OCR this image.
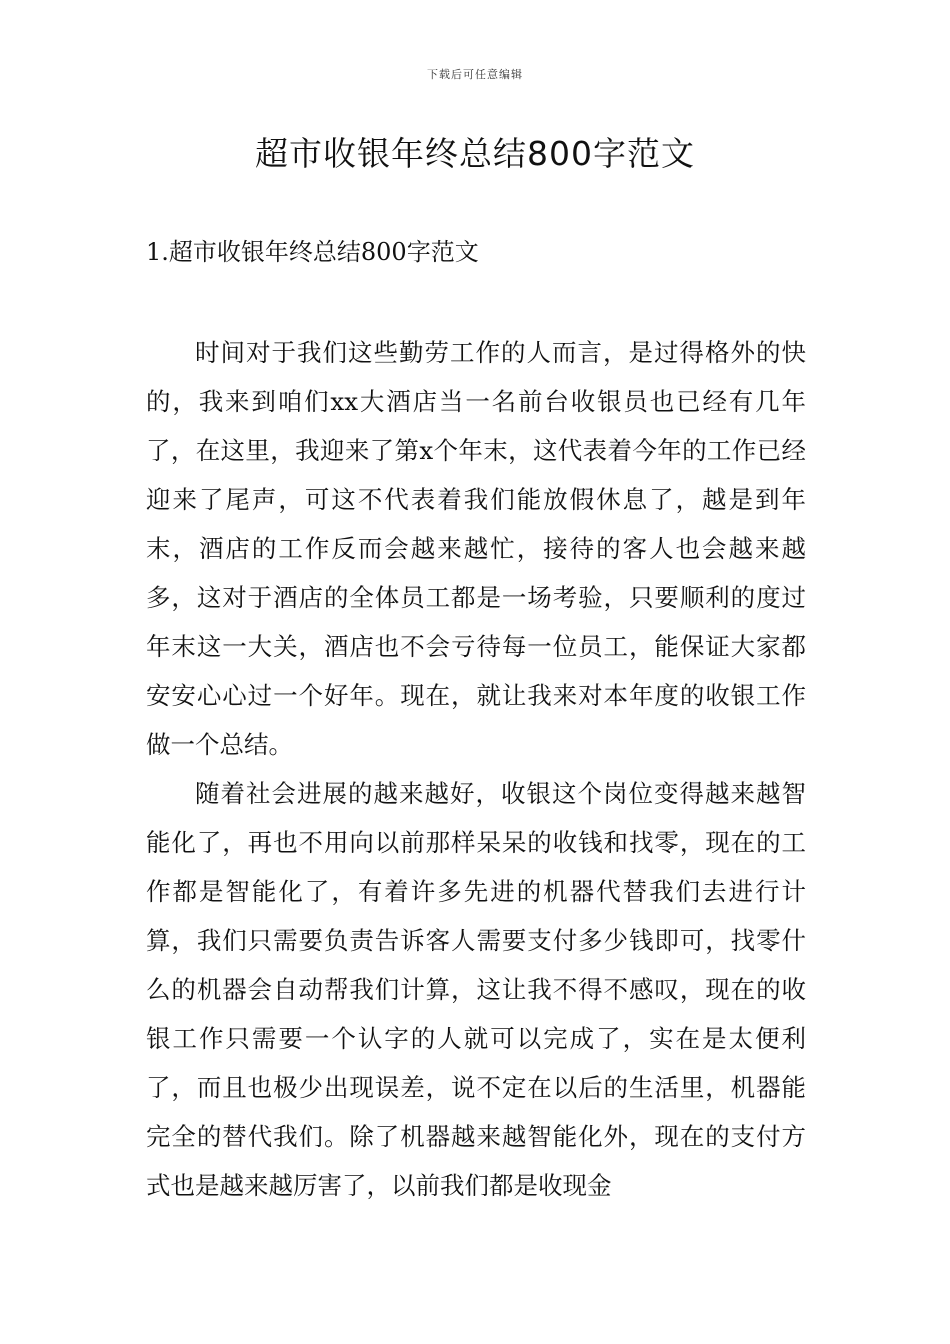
下载后可任意编辑
超市收银年终总结800字范文
1.超市收银年终总结800字范文

时间对于我们这些勤劳工作的人而言，是过得格外的快的，我来到咱们xx大酒店当一名前台收银员也已经有几年了，在这里，我迎来了第x个年末，这代表着今年的工作已经迎来了尾声，可这不代表着我们能放假休息了，越是到年末，酒店的工作反而会越来越忙，接待的客人也会越来越多，这对于酒店的全体员工都是一场考验，只要顺利的度过年末这一大关，酒店也不会亏待每一位员工，能保证大家都安安心心过一个好年。现在，就让我来对本年度的收银工作做一个总结。

随着社会进展的越来越好，收银这个岗位变得越来越智能化了，再也不用向以前那样呆呆的收钱和找零，现在的工作都是智能化了，有着许多先进的机器代替我们去进行计算，我们只需要负责告诉客人需要支付多少钱即可，找零什么的机器会自动帮我们计算，这让我不得不感叹，现在的收银工作只需要一个认字的人就可以完成了，实在是太便利了，而且也极少出现误差，说不定在以后的生活里，机器能完全的替代我们。除了机器越来越智能化外，现在的支付方式也是越来越厉害了，以前我们都是收现金
